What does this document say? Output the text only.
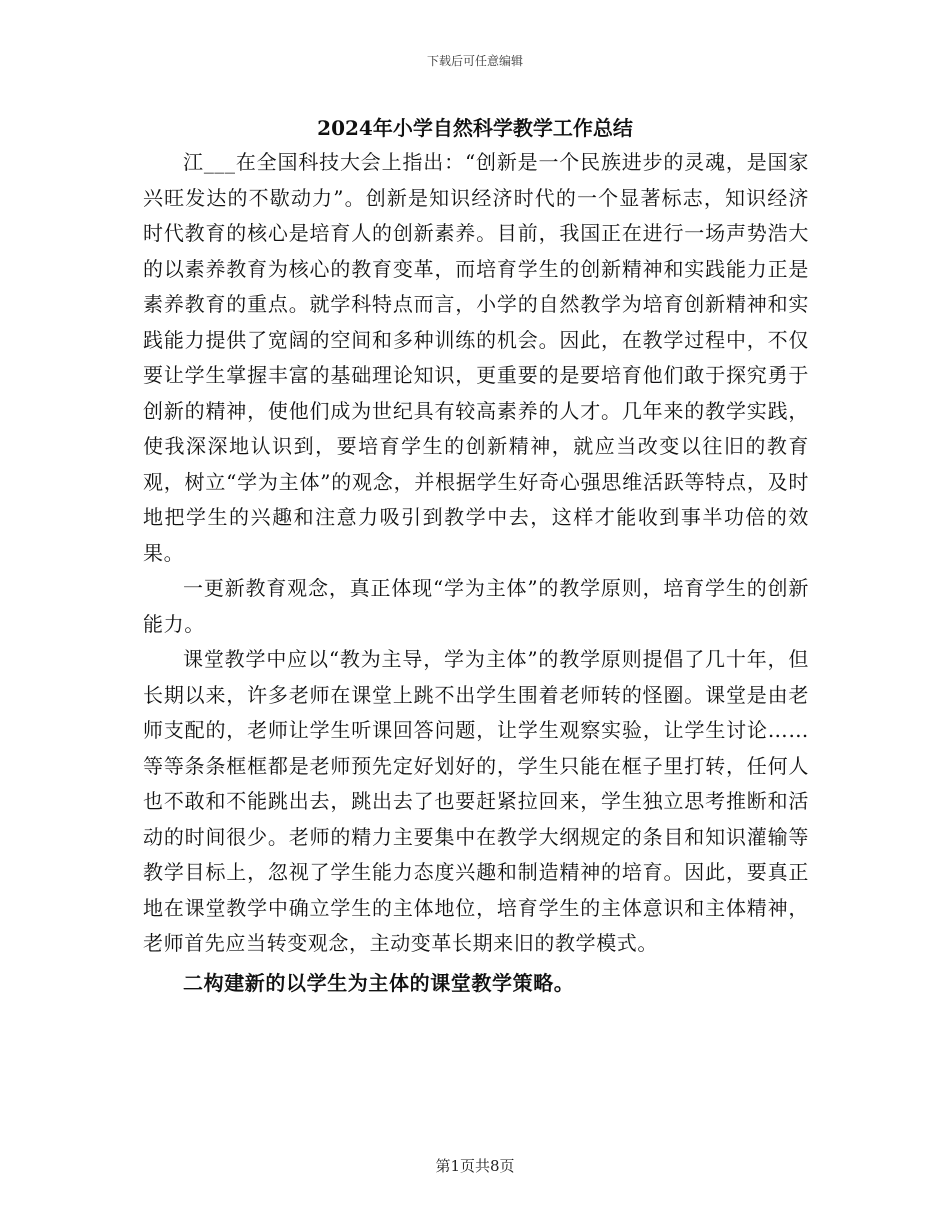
下载后可任意编辑
2024年小学自然科学教学工作总结

江___在全国科技大会上指出：“创新是一个民族进步的灵魂，是国家兴旺发达的不歇动力”。创新是知识经济时代的一个显著标志，知识经济时代教育的核心是培育人的创新素养。目前，我国正在进行一场声势浩大的以素养教育为核心的教育变革，而培育学生的创新精神和实践能力正是素养教育的重点。就学科特点而言，小学的自然教学为培育创新精神和实践能力提供了宽阔的空间和多种训练的机会。因此，在教学过程中，不仅要让学生掌握丰富的基础理论知识，更重要的是要培育他们敢于探究勇于创新的精神，使他们成为世纪具有较高素养的人才。几年来的教学实践，使我深深地认识到，要培育学生的创新精神，就应当改变以往旧的教育观，树立“学为主体”的观念，并根据学生好奇心强思维活跃等特点，及时地把学生的兴趣和注意力吸引到教学中去，这样才能收到事半功倍的效果。

一更新教育观念，真正体现“学为主体”的教学原则，培育学生的创新能力。

课堂教学中应以“教为主导，学为主体”的教学原则提倡了几十年，但长期以来，许多老师在课堂上跳不出学生围着老师转的怪圈。课堂是由老师支配的，老师让学生听课回答问题，让学生观察实验，让学生讨论……等等条条框框都是老师预先定好划好的，学生只能在框子里打转，任何人也不敢和不能跳出去，跳出去了也要赶紧拉回来，学生独立思考推断和活动的时间很少。老师的精力主要集中在教学大纲规定的条目和知识灌输等教学目标上，忽视了学生能力态度兴趣和制造精神的培育。因此，要真正地在课堂教学中确立学生的主体地位，培育学生的主体意识和主体精神，老师首先应当转变观念，主动变革长期来旧的教学模式。

二构建新的以学生为主体的课堂教学策略。

第1页共8页
